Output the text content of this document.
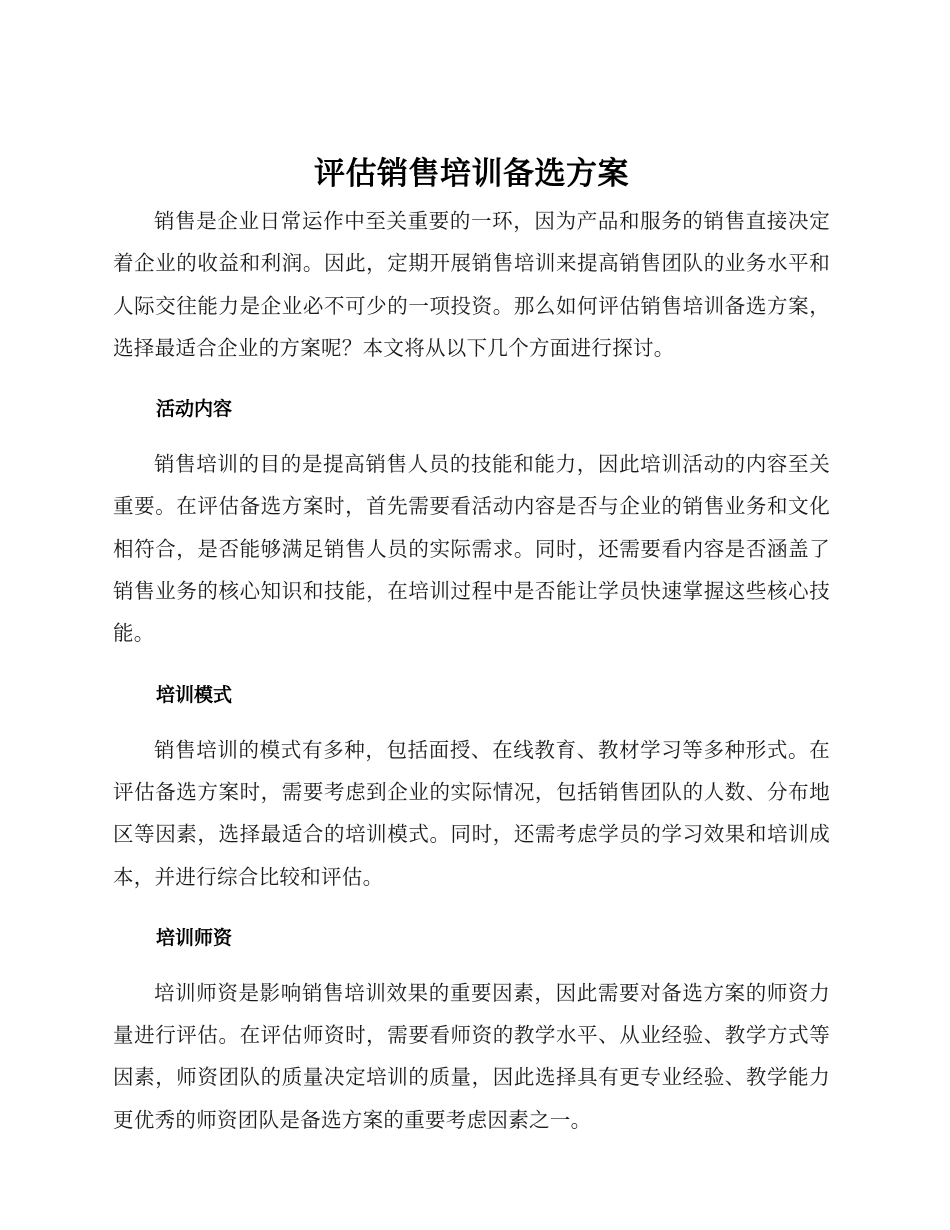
评估销售培训备选方案

销售是企业日常运作中至关重要的一环，因为产品和服务的销售直接决定着企业的收益和利润。因此，定期开展销售培训来提高销售团队的业务水平和人际交往能力是企业必不可少的一项投资。那么如何评估销售培训备选方案，选择最适合企业的方案呢？本文将从以下几个方面进行探讨。

活动内容

销售培训的目的是提高销售人员的技能和能力，因此培训活动的内容至关重要。在评估备选方案时，首先需要看活动内容是否与企业的销售业务和文化相符合，是否能够满足销售人员的实际需求。同时，还需要看内容是否涵盖了销售业务的核心知识和技能，在培训过程中是否能让学员快速掌握这些核心技能。

培训模式

销售培训的模式有多种，包括面授、在线教育、教材学习等多种形式。在评估备选方案时，需要考虑到企业的实际情况，包括销售团队的人数、分布地区等因素，选择最适合的培训模式。同时，还需考虑学员的学习效果和培训成本，并进行综合比较和评估。

培训师资

培训师资是影响销售培训效果的重要因素，因此需要对备选方案的师资力量进行评估。在评估师资时，需要看师资的教学水平、从业经验、教学方式等因素，师资团队的质量决定培训的质量，因此选择具有更专业经验、教学能力更优秀的师资团队是备选方案的重要考虑因素之一。
